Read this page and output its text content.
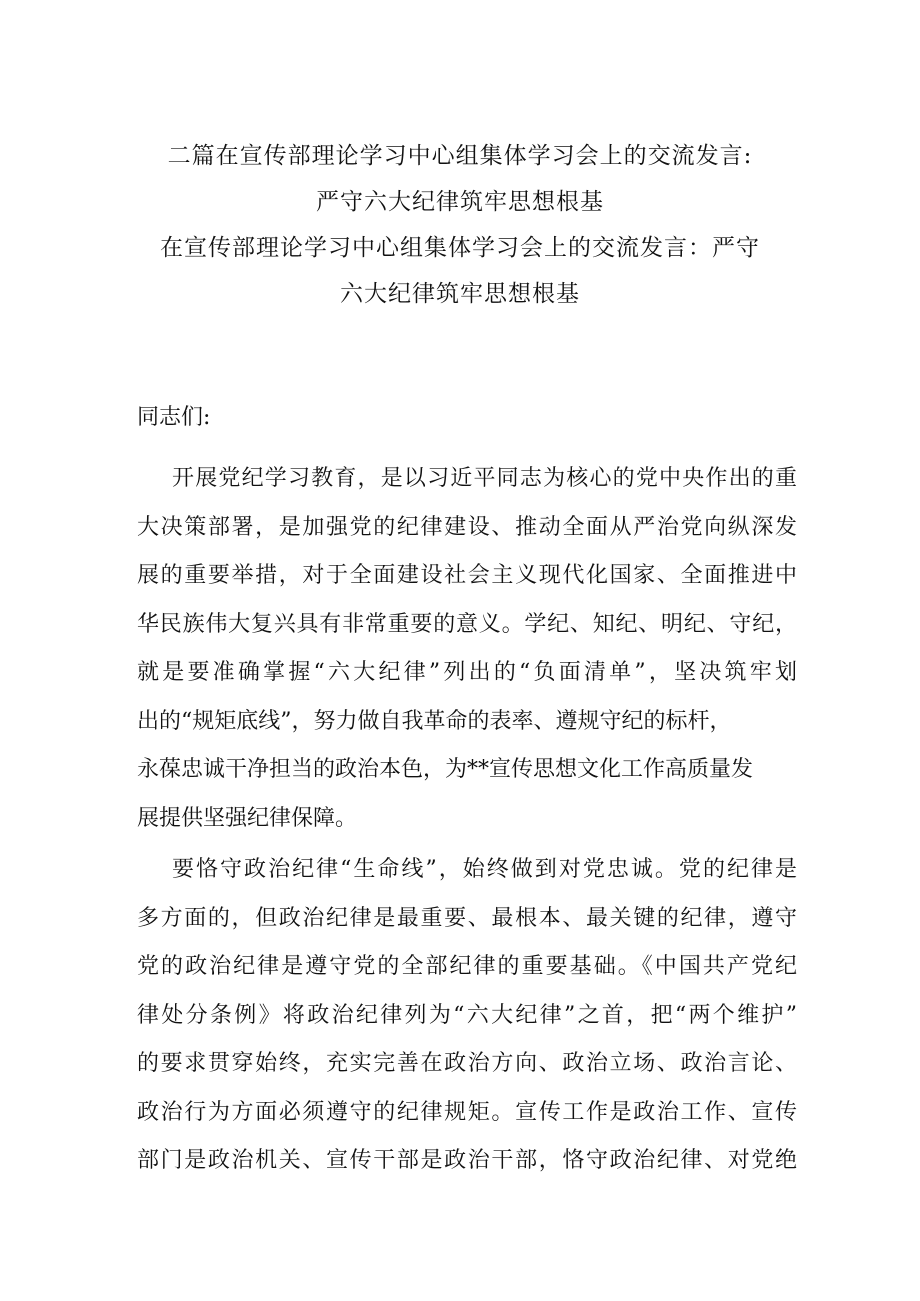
二篇在宣传部理论学习中心组集体学习会上的交流发言:
严守六大纪律筑牢思想根基
在宣传部理论学习中心组集体学习会上的交流发言：严守
六大纪律筑牢思想根基
同志们:
开展党纪学习教育，是以习近平同志为核心的党中央作出的重
大决策部署，是加强党的纪律建设、推动全面从严治党向纵深发
展的重要举措，对于全面建设社会主义现代化国家、全面推进中
华民族伟大复兴具有非常重要的意义。学纪、知纪、明纪、守纪，
就是要准确掌握“六大纪律”列出的“负面清单”，坚决筑牢划
出的“规矩底线”，努力做自我革命的表率、遵规守纪的标杆，
永葆忠诚干净担当的政治本色，为**宣传思想文化工作高质量发
展提供坚强纪律保障。
要恪守政治纪律“生命线”，始终做到对党忠诚。党的纪律是
多方面的，但政治纪律是最重要、最根本、最关键的纪律，遵守
党的政治纪律是遵守党的全部纪律的重要基础。《中国共产党纪
律处分条例》将政治纪律列为“六大纪律”之首，把“两个维护”
的要求贯穿始终，充实完善在政治方向、政治立场、政治言论、
政治行为方面必须遵守的纪律规矩。宣传工作是政治工作、宣传
部门是政治机关、宣传干部是政治干部，恪守政治纪律、对党绝
